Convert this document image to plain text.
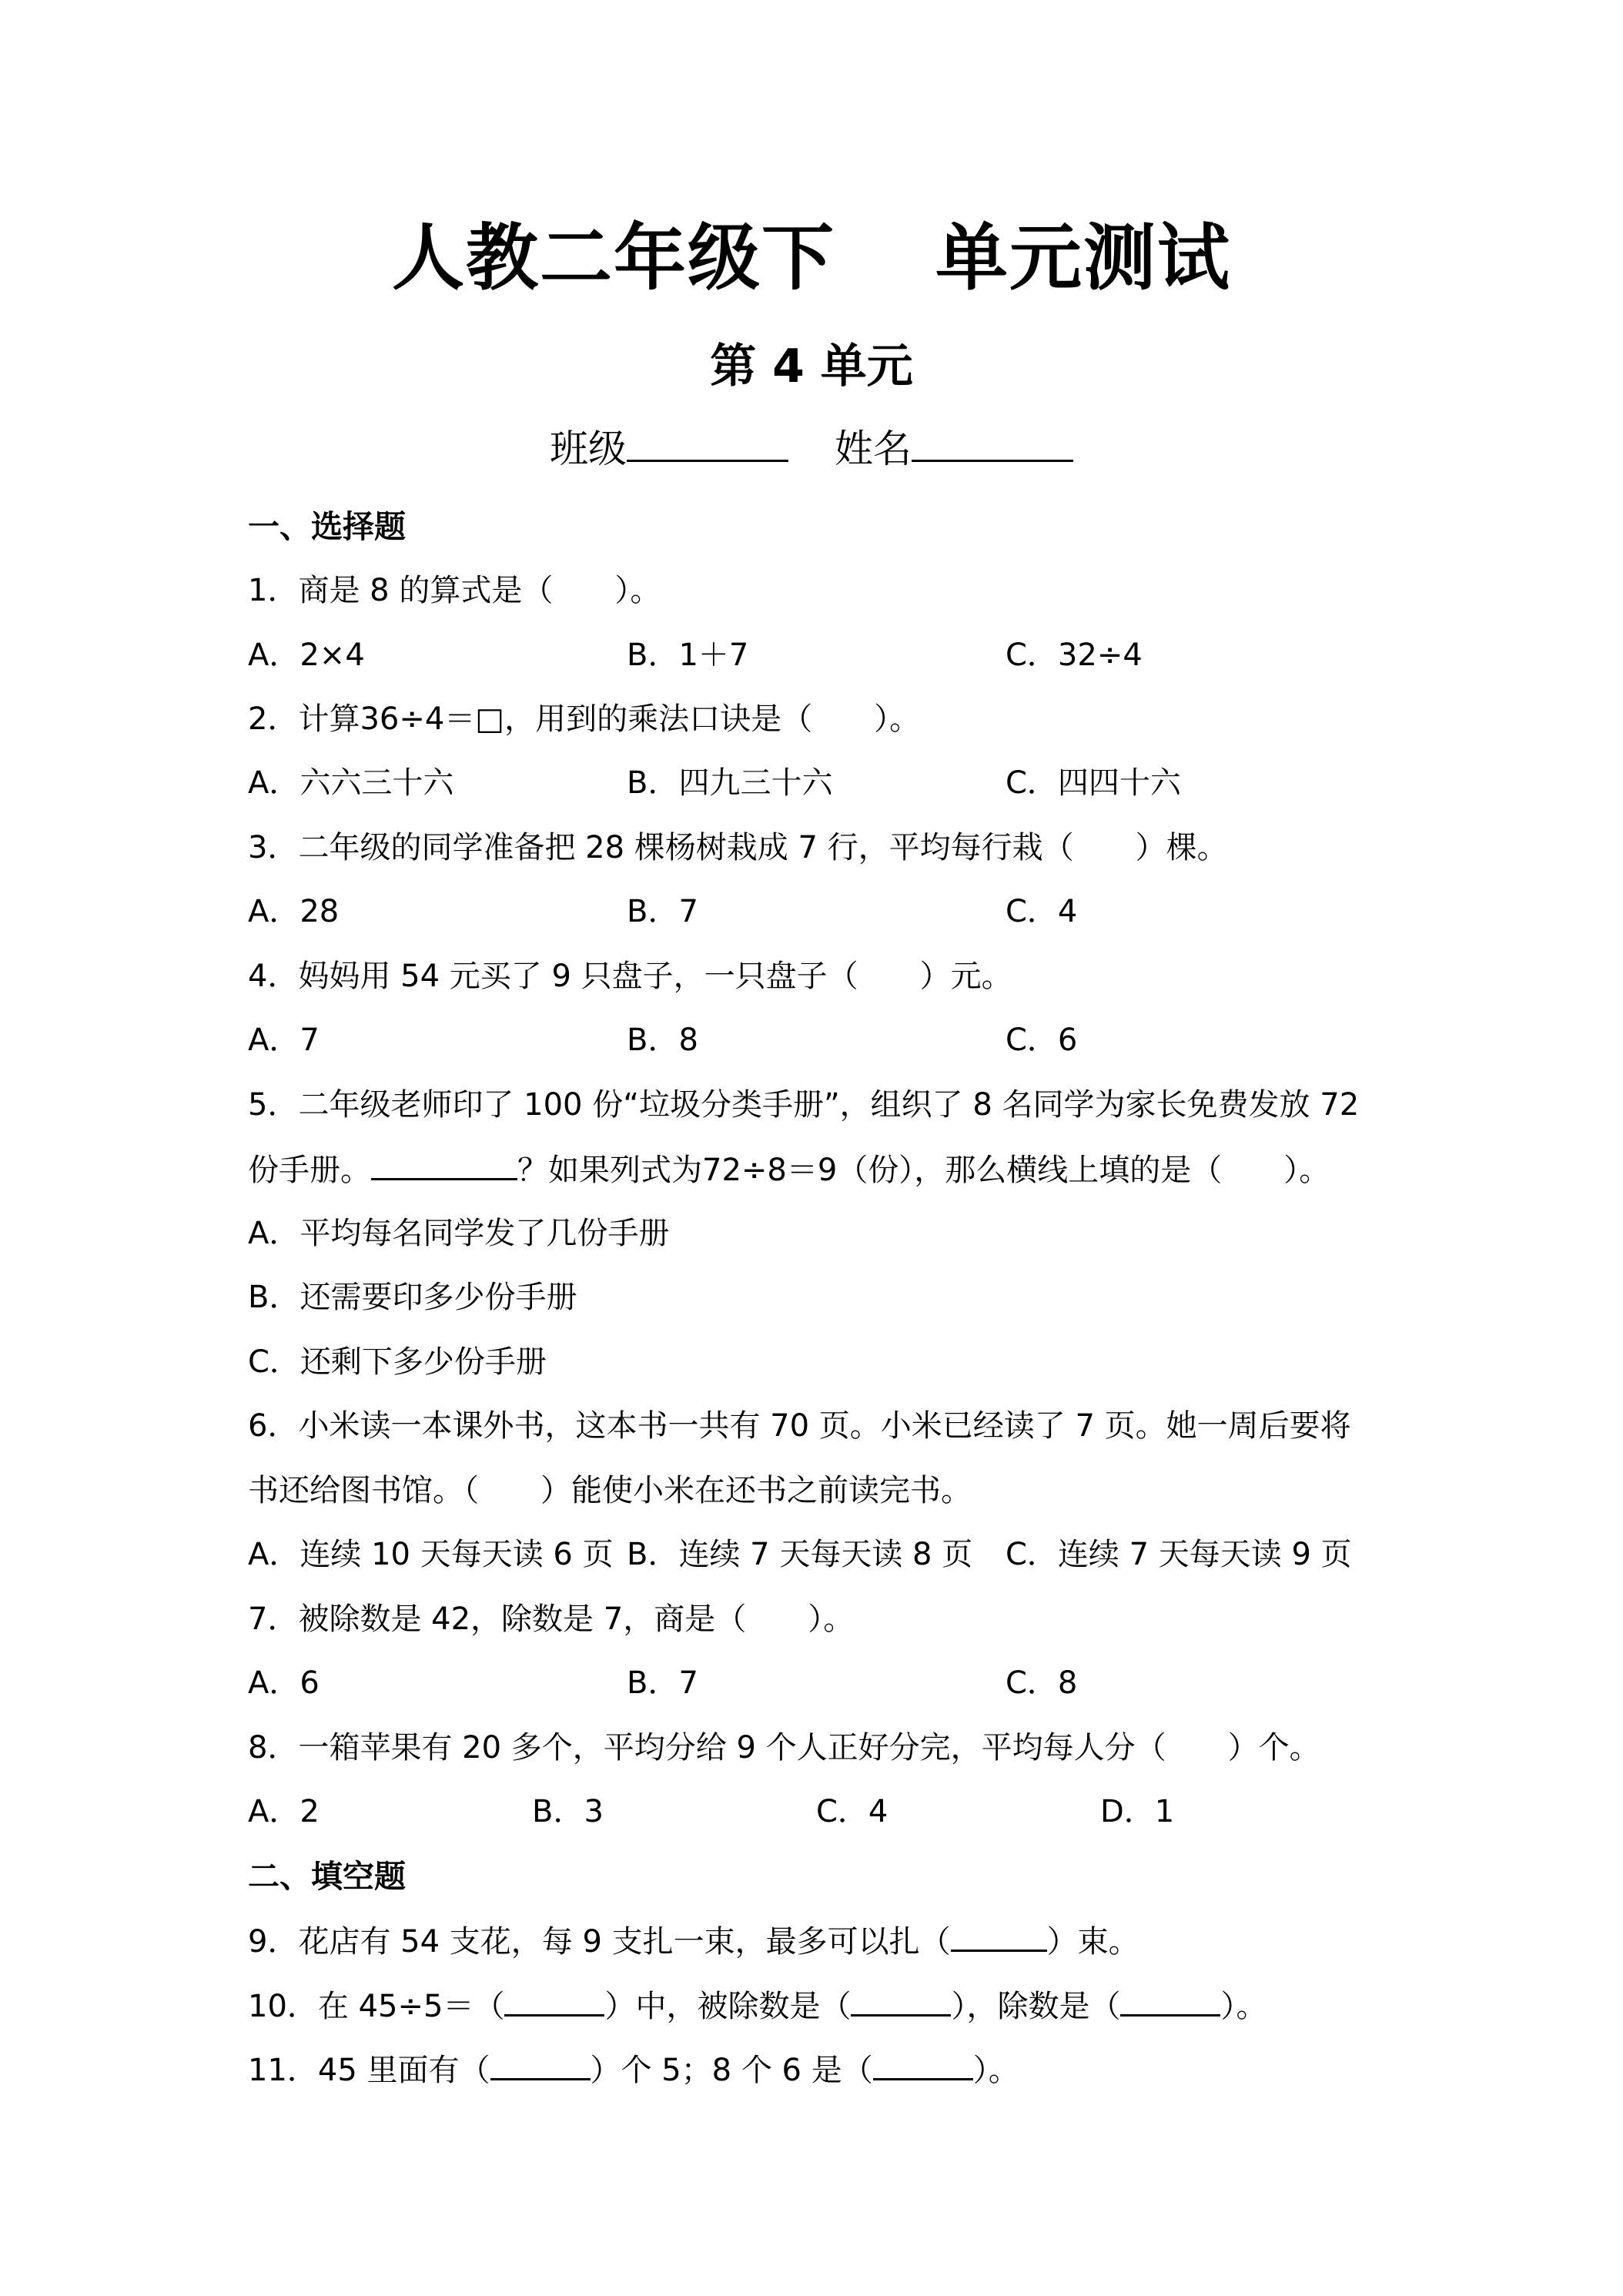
人教二年级下 单元测试
第 4 单元
班级	姓名
一、选择题
1．商是 8 的算式是（　　）。
A．2×4	B．1＋7	C．32÷4
2．计算36÷4＝□，用到的乘法口诀是（　　）。
A．六六三十六	B．四九三十六	C．四四十六
3．二年级的同学准备把 28 棵杨树栽成 7 行，平均每行栽（　　）棵。
A．28	B．7	C．4
4．妈妈用 54 元买了 9 只盘子，一只盘子（　　）元。
A．7	B．8	C．6
5．二年级老师印了 100 份“垃圾分类手册”，组织了 8 名同学为家长免费发放 72
份手册。	？如果列式为72÷8＝9（份），那么横线上填的是（　　）。
A．平均每名同学发了几份手册
B．还需要印多少份手册
C．还剩下多少份手册
6．小米读一本课外书，这本书一共有 70 页。小米已经读了 7 页。她一周后要将
书还给图书馆。（　　）能使小米在还书之前读完书。
A．连续 10 天每天读 6 页 B．连续 7 天每天读 8 页 C．连续 7 天每天读 9 页
7．被除数是 42，除数是 7，商是（　　）。
A．6	B．7	C．8
8．一箱苹果有 20 多个，平均分给 9 个人正好分完，平均每人分（　　）个。
A．2	B．3	C．4	D．1
二、填空题
9．花店有 54 支花，每 9 支扎一束，最多可以扎（	）束。
10．在 45÷5＝（	）中，被除数是（	），除数是（	）。
11．45 里面有（	）个 5；8 个 6 是（	）。
